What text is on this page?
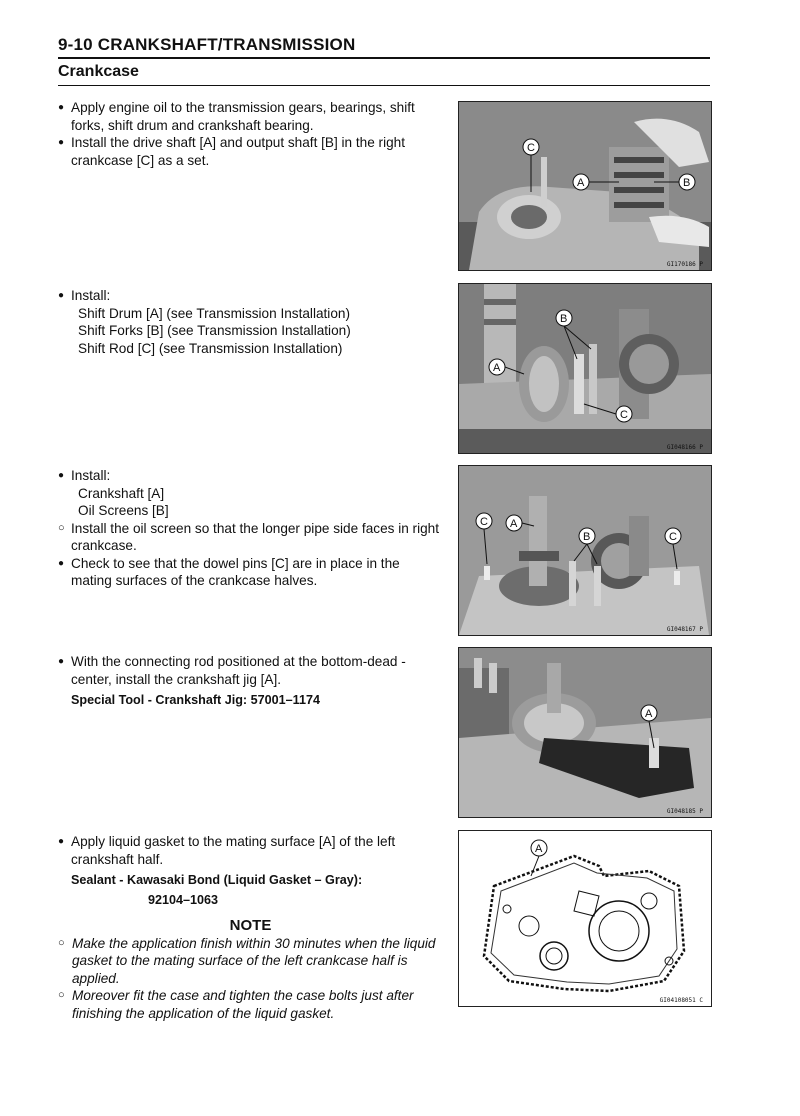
9-10 CRANKSHAFT/TRANSMISSION
Crankcase
● Apply engine oil to the transmission gears, bearings, shift forks, shift drum and crankshaft bearing.
● Install the drive shaft [A] and output shaft [B] in the right crankcase [C] as a set.
C
A	B
GI170186 P
● Install:
Shift Drum [A] (see Transmission Installation)
Shift Forks [B] (see Transmission Installation)
Shift Rod [C] (see Transmission Installation)
B
A
C
GI048166 P
● Install:
Crankshaft [A]
Oil Screens [B]
○ Install the oil screen so that the longer pipe side faces in right crankcase.
● Check to see that the dowel pins [C] are in place in the mating surfaces of the crankcase halves.
C A
B	C
GI048167 P
● With the connecting rod positioned at the bottom-dead -center, install the crankshaft jig [A].
Special Tool - Crankshaft Jig: 57001–1174
A
GI048185 P
● Apply liquid gasket to the mating surface [A] of the left crankshaft half.
Sealant - Kawasaki Bond (Liquid Gasket – Gray):
92104–1063
NOTE
○ Make the application finish within 30 minutes when the liquid gasket to the mating surface of the left crankcase half is applied.
○ Moreover fit the case and tighten the case bolts just after finishing the application of the liquid gasket.
A
GI04108051 C
